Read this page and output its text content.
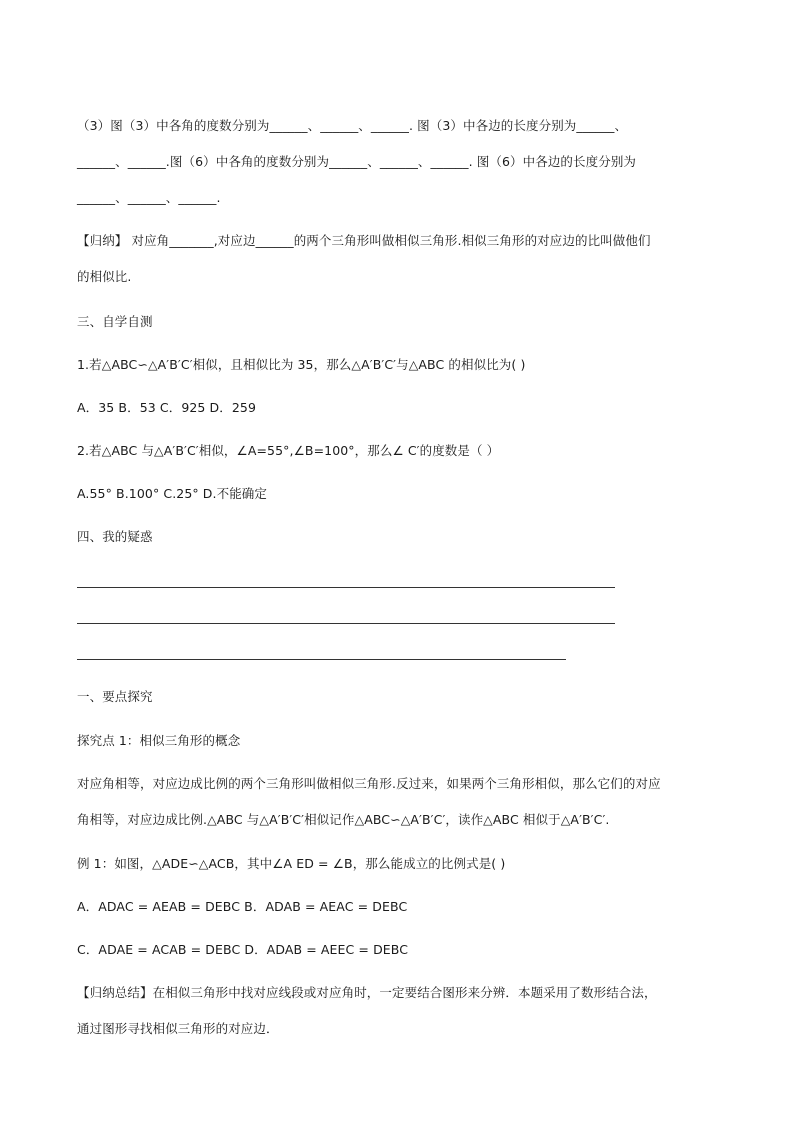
（3）图（3）中各角的度数分别为______、______、______. 图（3）中各边的长度分别为______、
______、______.图（6）中各角的度数分别为______、______、______. 图（6）中各边的长度分别为
______、______、______.
【归纳】 对应角_______,对应边______的两个三角形叫做相似三角形.相似三角形的对应边的比叫做他们
的相似比.
三、自学自测
1.若△ABC∽△A′B′C′相似，且相似比为 35，那么△A′B′C′与△ABC 的相似比为( )
A．35 B．53 C．925 D．259
2.若△ABC 与△A′B′C′相似，∠A=55°,∠B=100°，那么∠ C′的度数是（ ）
A.55° B.100° C.25° D.不能确定
四、我的疑惑
一、要点探究
探究点 1：相似三角形的概念
对应角相等，对应边成比例的两个三角形叫做相似三角形.反过来，如果两个三角形相似，那么它们的对应
角相等，对应边成比例.△ABC 与△A′B′C′相似记作△ABC∽△A′B′C′，读作△ABC 相似于△A′B′C′.
例 1：如图，△ADE∽△ACB，其中∠A ED = ∠B，那么能成立的比例式是( )
A．ADAC = AEAB = DEBC B．ADAB = AEAC = DEBC
C．ADAE = ACAB = DEBC D．ADAB = AEEC = DEBC
【归纳总结】在相似三角形中找对应线段或对应角时，一定要结合图形来分辨．本题采用了数形结合法，
通过图形寻找相似三角形的对应边．
